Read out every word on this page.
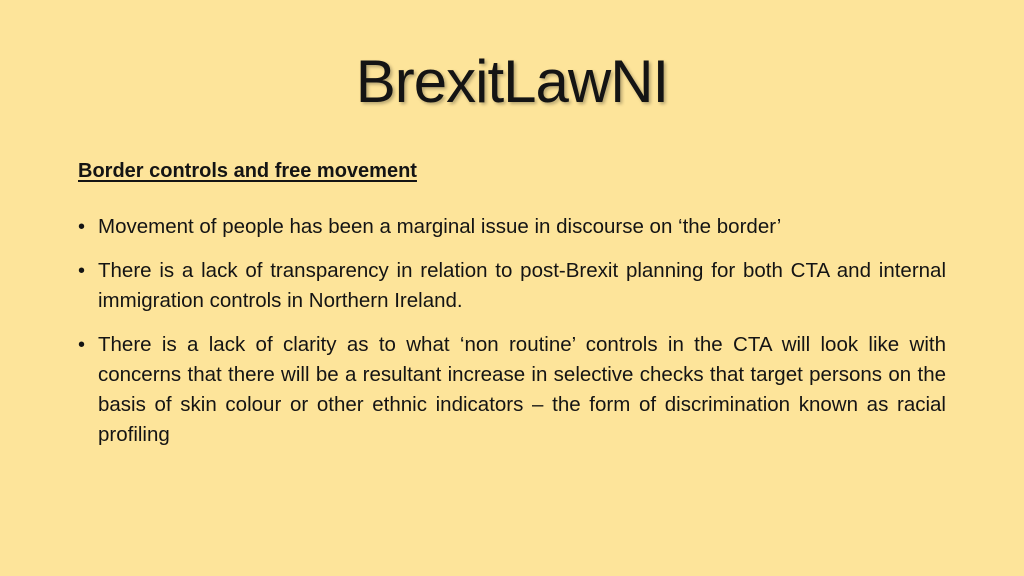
BrexitLawNI
Border controls and free movement
• Movement of people has been a marginal issue in discourse on ‘the border’
• There is a lack of transparency in relation to post-Brexit planning for both CTA and internal immigration controls in Northern Ireland.
• There is a lack of clarity as to what ‘non routine’ controls in the CTA will look like with concerns that there will be a resultant increase in selective checks that target persons on the basis of skin colour or other ethnic indicators – the form of discrimination known as racial profiling
